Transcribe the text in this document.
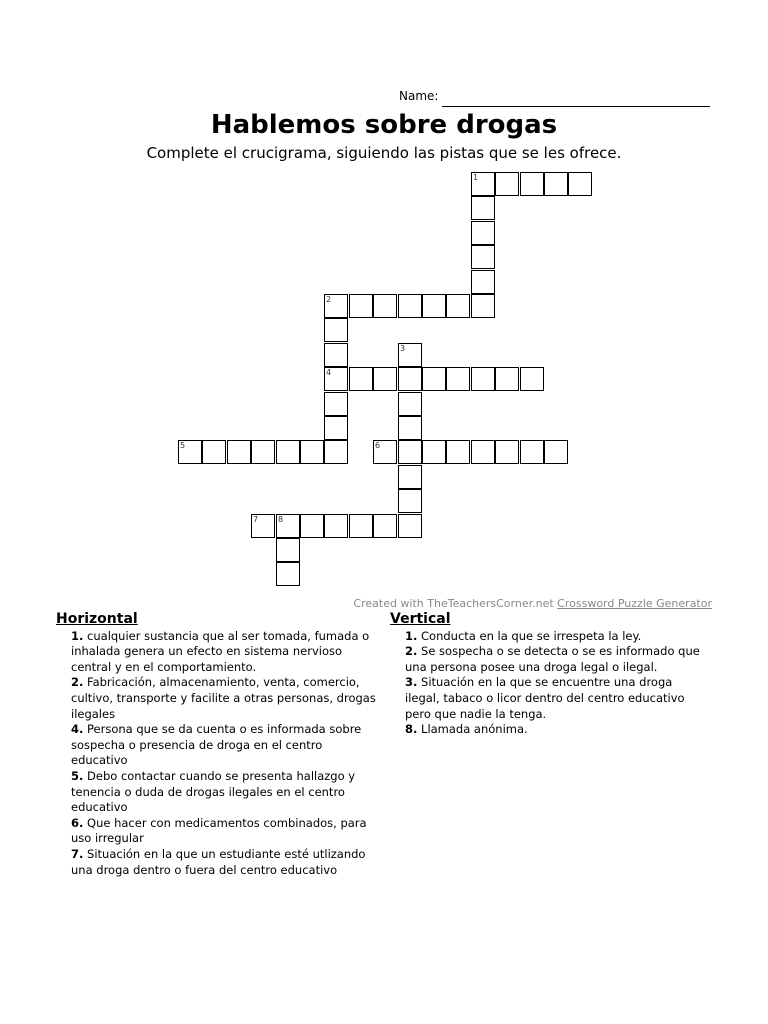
Name:
Hablemos sobre drogas
Complete el crucigrama, siguiendo las pistas que se les ofrece.
1
2
4
5	6
7 8
3
Created with TheTeachersCorner.net Crossword Puzzle Generator
Horizontal
1. cualquier sustancia que al ser tomada, fumada o inhalada genera un efecto en sistema nervioso central y en el comportamiento.
2. Fabricación, almacenamiento, venta, comercio, cultivo, transporte y facilite a otras personas, drogas ilegales
4. Persona que se da cuenta o es informada sobre sospecha o presencia de droga en el centro educativo
5. Debo contactar cuando se presenta hallazgo y tenencia o duda de drogas ilegales en el centro educativo
6. Que hacer con medicamentos combinados, para uso irregular
7. Situación en la que un estudiante esté utlizando una droga dentro o fuera del centro educativo
Vertical
1. Conducta en la que se irrespeta la ley.
2. Se sospecha o se detecta o se es informado que una persona posee una droga legal o ilegal.
3. Situación en la que se encuentre una droga ilegal, tabaco o licor dentro del centro educativo pero que nadie la tenga.
8. Llamada anónima.
